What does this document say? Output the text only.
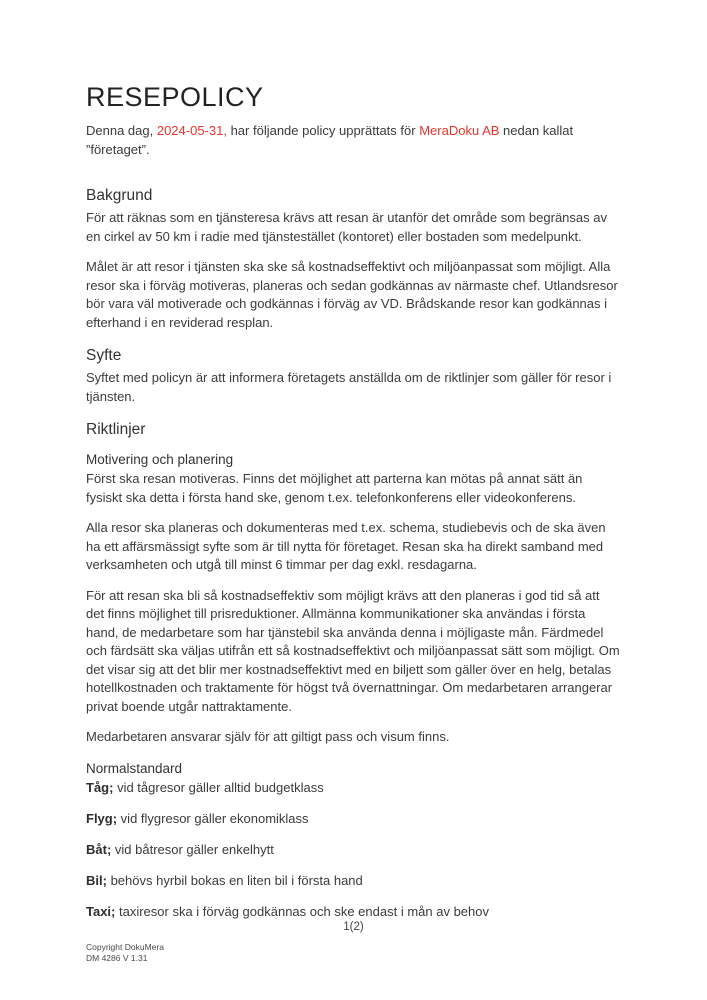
RESEPOLICY

Denna dag, 2024-05-31, har följande policy upprättats för MeraDoku AB nedan kallat ”företaget”.

Bakgrund

För att räknas som en tjänsteresa krävs att resan är utanför det område som begränsas av en cirkel av 50 km i radie med tjänstestället (kontoret) eller bostaden som medelpunkt.

Målet är att resor i tjänsten ska ske så kostnadseffektivt och miljöanpassat som möjligt. Alla resor ska i förväg motiveras, planeras och sedan godkännas av närmaste chef. Utlandsresor bör vara väl motiverade och godkännas i förväg av VD. Brådskande resor kan godkännas i efterhand i en reviderad resplan.

Syfte

Syftet med policyn är att informera företagets anställda om de riktlinjer som gäller för resor i tjänsten.

Riktlinjer

Motivering och planering

Först ska resan motiveras. Finns det möjlighet att parterna kan mötas på annat sätt än fysiskt ska detta i första hand ske, genom t.ex. telefonkonferens eller videokonferens.

Alla resor ska planeras och dokumenteras med t.ex. schema, studiebevis och de ska även ha ett affärsmässigt syfte som är till nytta för företaget. Resan ska ha direkt samband med verksamheten och utgå till minst 6 timmar per dag exkl. resdagarna.

För att resan ska bli så kostnadseffektiv som möjligt krävs att den planeras i god tid så att det finns möjlighet till prisreduktioner. Allmänna kommunikationer ska användas i första hand, de medarbetare som har tjänstebil ska använda denna i möjligaste mån. Färdmedel och färdsätt ska väljas utifrån ett så kostnadseffektivt och miljöanpassat sätt som möjligt. Om det visar sig att det blir mer kostnadseffektivt med en biljett som gäller över en helg, betalas hotellkostnaden och traktamente för högst två övernattningar. Om medarbetaren arrangerar privat boende utgår nattraktamente.

Medarbetaren ansvarar själv för att giltigt pass och visum finns.

Normalstandard

Tåg; vid tågresor gäller alltid budgetklass

Flyg; vid flygresor gäller ekonomiklass

Båt; vid båtresor gäller enkelhytt

Bil; behövs hyrbil bokas en liten bil i första hand

Taxi; taxiresor ska i förväg godkännas och ske endast i mån av behov

1(2)
Copyright DokuMera
DM 4286 V 1.31
